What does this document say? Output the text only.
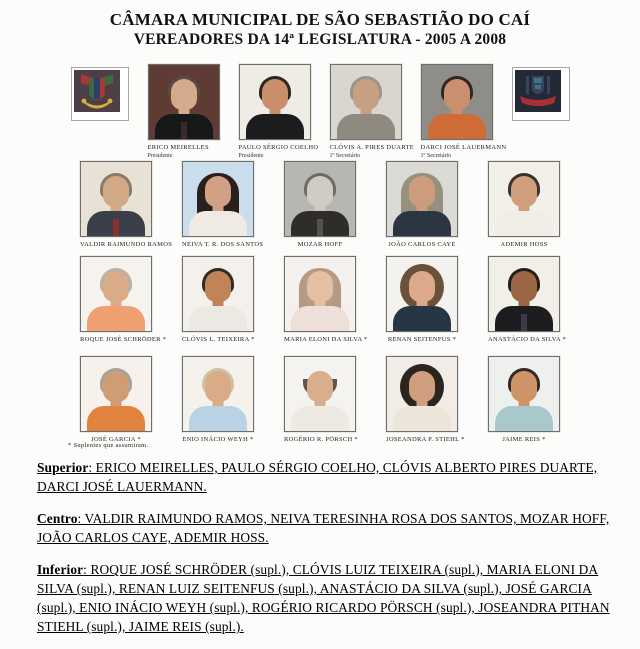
CÂMARA MUNICIPAL DE SÃO SEBASTIÃO DO CAÍ
VEREADORES DA 14ª LEGISLATURA - 2005 A 2008
ERICO MEIRELLES
Presidente
PAULO SÉRGIO COELHO
Presidente
CLÓVIS A. PIRES DUARTE
1º Secretário
DARCI JOSÉ LAUERMANN
1º Secretário
VALDIR RAIMUNDO RAMOS NEIVA T. R. DOS SANTOS	MOZAR HOFF	JOÃO CARLOS CAYE	ADEMIR HOSS
ROQUE JOSÉ SCHRÖDER * CLÓVIS L. TEIXEIRA *	MARIA ELONI DA SILVA *	RENAN SEITENFUS *	ANASTÁCIO DA SILVA *
JOSÉ GARCIA *	ENIO INÁCIO WEYH *	ROGÉRIO R. PÖRSCH *	JOSEANDRA P. STIEHL *	JAIME REIS *
* Suplentes que assumiram.

Superior: ERICO MEIRELLES, PAULO SÉRGIO COELHO, CLÓVIS ALBERTO PIRES DUARTE, DARCI JOSÉ LAUERMANN.

Centro: VALDIR RAIMUNDO RAMOS, NEIVA TERESINHA ROSA DOS SANTOS, MOZAR HOFF, JOÃO CARLOS CAYE, ADEMIR HOSS.

Inferior: ROQUE JOSÉ SCHRÖDER (supl.), CLÓVIS LUIZ TEIXEIRA (supl.), MARIA ELONI DA SILVA (supl.), RENAN LUIZ SEITENFUS (supl.), ANASTÁCIO DA SILVA (supl.), JOSÉ GARCIA (supl.), ENIO INÁCIO WEYH (supl.), ROGÉRIO RICARDO PÖRSCH (supl.), JOSEANDRA PITHAN STIEHL (supl.), JAIME REIS (supl.).
